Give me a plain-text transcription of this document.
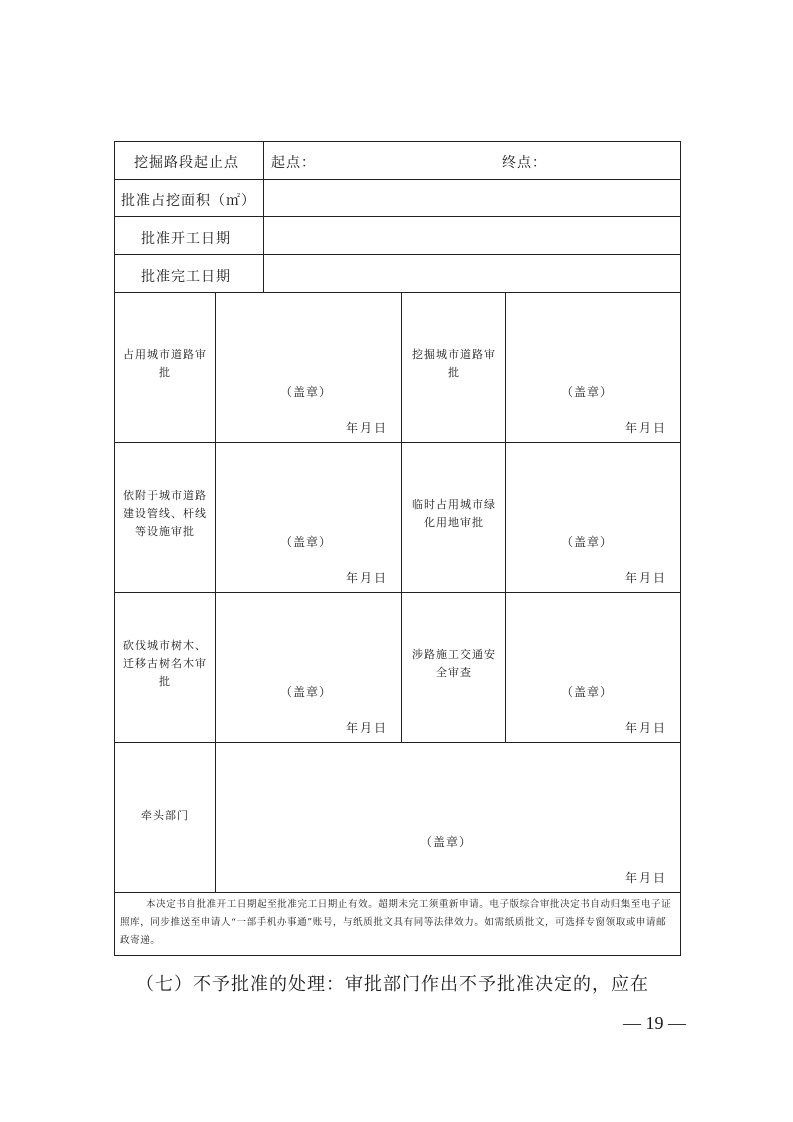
挖掘路段起止点 起点：	终点：
批准占挖面积（㎡）
批准开工日期
批准完工日期
占用城市道路审批
（盖章）
年月日
挖掘城市道路审批
（盖章）
年月日
依附于城市道路建设管线、杆线等设施审批
（盖章）
年月日
临时占用城市绿化用地审批
（盖章）
年月日
砍伐城市树木、迁移古树名木审批
（盖章）
年月日
涉路施工交通安全审查
（盖章）
年月日
牵头部门
（盖章）
年月日
本决定书自批准开工日期起至批准完工日期止有效。超期未完工须重新申请。电子版综合审批决定书自动归集至电子证照库，同步推送至申请人“一部手机办事通”账号，与纸质批文具有同等法律效力。如需纸质批文，可选择专窗领取或申请邮政寄递。
（七）不予批准的处理：审批部门作出不予批准决定的，应在
— 19 —
